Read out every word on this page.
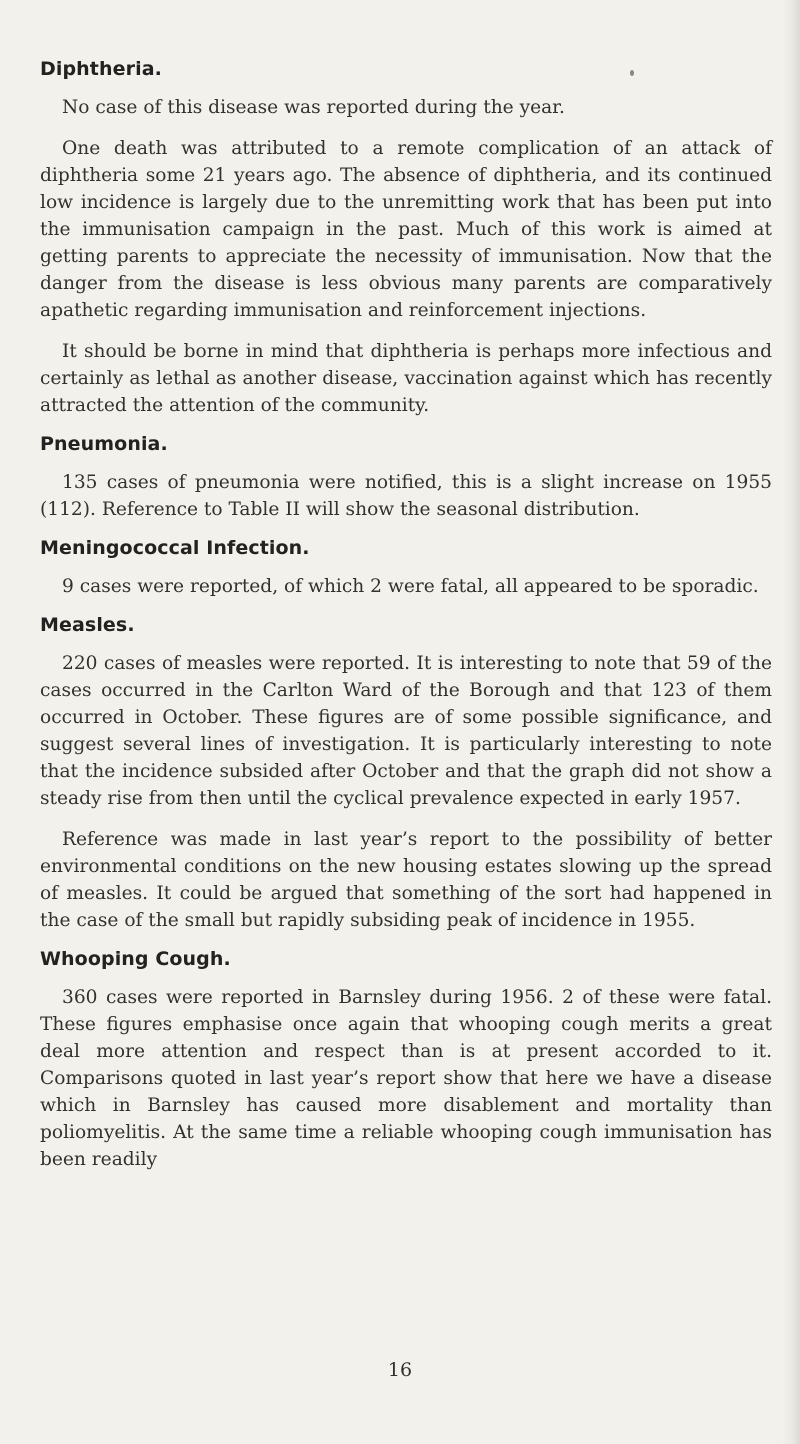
Diphtheria.

No case of this disease was reported during the year.

One death was attributed to a remote complication of an attack of diphtheria some 21 years ago. The absence of diphtheria, and its continued low incidence is largely due to the unremitting work that has been put into the immunisation campaign in the past. Much of this work is aimed at getting parents to appreciate the necessity of immunisation. Now that the danger from the disease is less obvious many parents are comparatively apathetic regarding immunisation and reinforcement injections.

It should be borne in mind that diphtheria is perhaps more infectious and certainly as lethal as another disease, vaccination against which has recently attracted the attention of the community.

Pneumonia.

135 cases of pneumonia were notified, this is a slight increase on 1955 (112). Reference to Table II will show the seasonal distribution.

Meningococcal Infection.

9 cases were reported, of which 2 were fatal, all appeared to be sporadic.

Measles.

220 cases of measles were reported. It is interesting to note that 59 of the cases occurred in the Carlton Ward of the Borough and that 123 of them occurred in October. These figures are of some possible significance, and suggest several lines of investigation. It is particularly interesting to note that the incidence subsided after October and that the graph did not show a steady rise from then until the cyclical prevalence expected in early 1957.

Reference was made in last year’s report to the possibility of better environmental conditions on the new housing estates slowing up the spread of measles. It could be argued that something of the sort had happened in the case of the small but rapidly subsiding peak of incidence in 1955.

Whooping Cough.

360 cases were reported in Barnsley during 1956. 2 of these were fatal. These figures emphasise once again that whooping cough merits a great deal more attention and respect than is at present accorded to it. Comparisons quoted in last year’s report show that here we have a disease which in Barnsley has caused more disablement and mortality than poliomyelitis. At the same time a reliable whooping cough immunisation has been readily

16
